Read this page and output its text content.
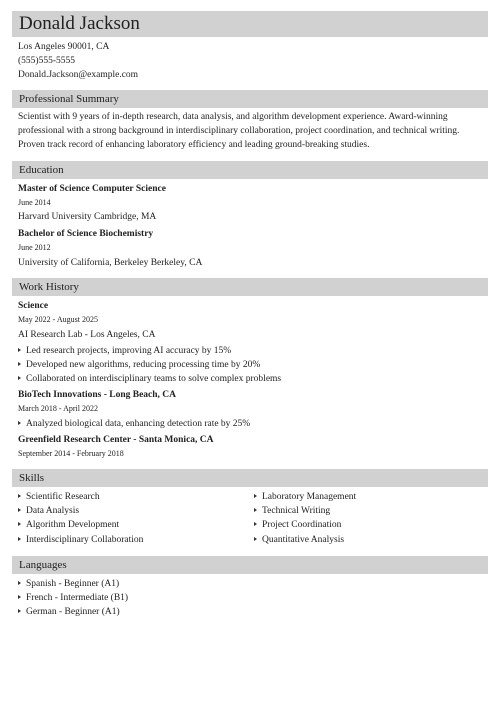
Donald Jackson
Los Angeles 90001, CA
(555)555-5555
Donald.Jackson@example.com
Professional Summary
Scientist with 9 years of in-depth research, data analysis, and algorithm development experience. Award-winning professional with a strong background in interdisciplinary collaboration, project coordination, and technical writing. Proven track record of enhancing laboratory efficiency and leading ground-breaking studies.
Education
Master of Science Computer Science
June 2014
Harvard University Cambridge, MA
Bachelor of Science Biochemistry
June 2012
University of California, Berkeley Berkeley, CA
Work History
Science
May 2022 - August 2025
AI Research Lab - Los Angeles, CA
Led research projects, improving AI accuracy by 15%
Developed new algorithms, reducing processing time by 20%
Collaborated on interdisciplinary teams to solve complex problems
BioTech Innovations - Long Beach, CA
March 2018 - April 2022
Analyzed biological data, enhancing detection rate by 25%
Greenfield Research Center - Santa Monica, CA
September 2014 - February 2018
Skills
Scientific Research
Data Analysis
Algorithm Development
Interdisciplinary Collaboration
Laboratory Management
Technical Writing
Project Coordination
Quantitative Analysis
Languages
Spanish - Beginner (A1)
French - Intermediate (B1)
German - Beginner (A1)
